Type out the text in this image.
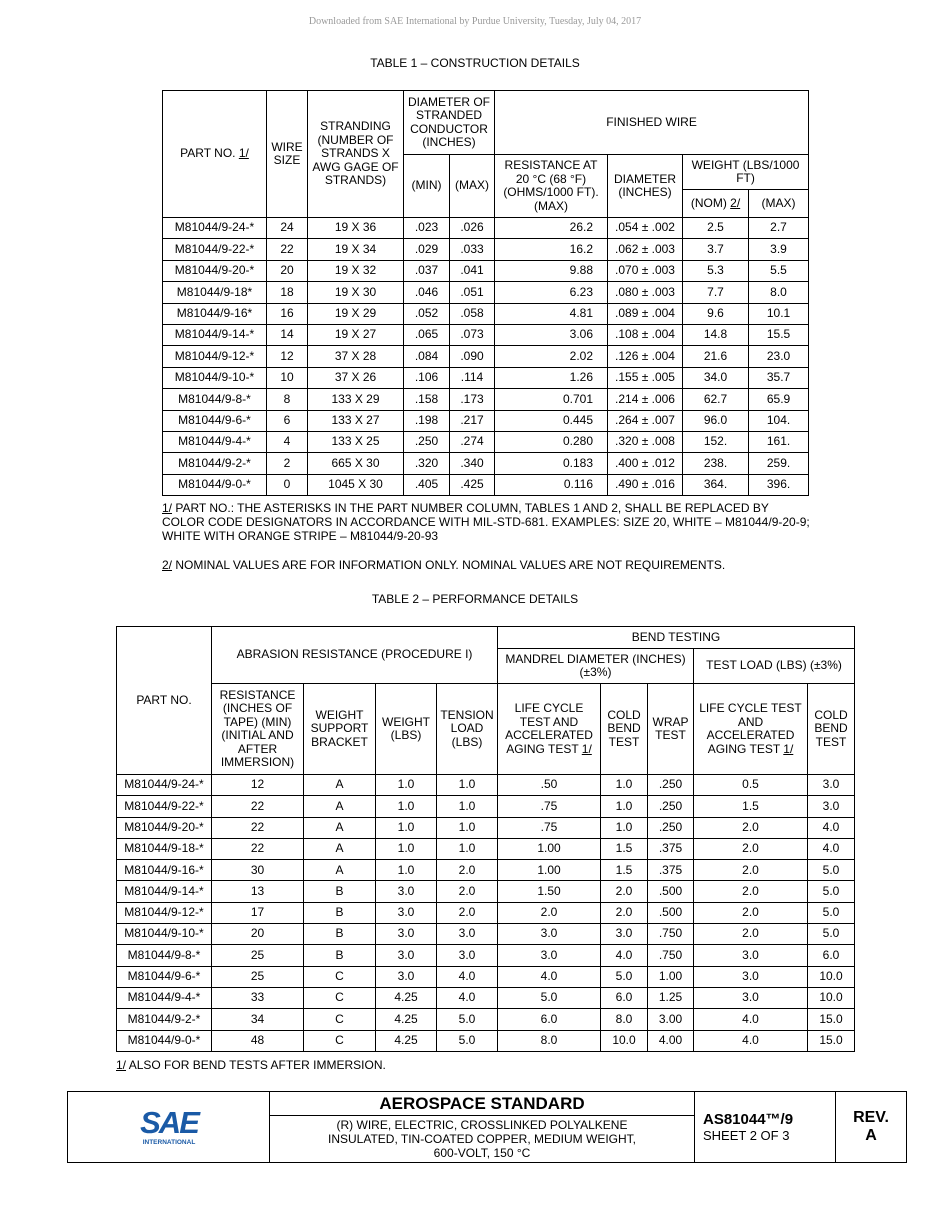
Downloaded from SAE International by Purdue University, Tuesday, July 04, 2017
TABLE 1 – CONSTRUCTION DETAILS
PART NO. 1/	WIRE SIZE	STRANDING (NUMBER OF STRANDS X AWG GAGE OF STRANDS)	DIAMETER OF STRANDED CONDUCTOR (INCHES)		FINISHED WIRE			
			(MIN)	(MAX)	RESISTANCE AT 20 °C (68 °F) (OHMS/1000 FT). (MAX)	DIAMETER (INCHES)	WEIGHT (LBS/1000 FT)	
							(NOM) 2/	(MAX)
M81044/9-24-*	24	19 X 36	.023	.026	26.2	.054 ± .002	2.5	2.7
M81044/9-22-*	22	19 X 34	.029	.033	16.2	.062 ± .003	3.7	3.9
M81044/9-20-*	20	19 X 32	.037	.041	9.88	.070 ± .003	5.3	5.5
M81044/9-18*	18	19 X 30	.046	.051	6.23	.080 ± .003	7.7	8.0
M81044/9-16*	16	19 X 29	.052	.058	4.81	.089 ± .004	9.6	10.1
M81044/9-14-*	14	19 X 27	.065	.073	3.06	.108 ± .004	14.8	15.5
M81044/9-12-*	12	37 X 28	.084	.090	2.02	.126 ± .004	21.6	23.0
M81044/9-10-*	10	37 X 26	.106	.114	1.26	.155 ± .005	34.0	35.7
M81044/9-8-*	8	133 X 29	.158	.173	0.701	.214 ± .006	62.7	65.9
M81044/9-6-*	6	133 X 27	.198	.217	0.445	.264 ± .007	96.0	104.
M81044/9-4-*	4	133 X 25	.250	.274	0.280	.320 ± .008	152.	161.
M81044/9-2-*	2	665 X 30	.320	.340	0.183	.400 ± .012	238.	259.
M81044/9-0-*	0	1045 X 30	.405	.425	0.116	.490 ± .016	364.	396.
1/ PART NO.: THE ASTERISKS IN THE PART NUMBER COLUMN, TABLES 1 AND 2, SHALL BE REPLACED BY COLOR CODE DESIGNATORS IN ACCORDANCE WITH MIL-STD-681. EXAMPLES: SIZE 20, WHITE – M81044/9-20-9; WHITE WITH ORANGE STRIPE – M81044/9-20-93
2/ NOMINAL VALUES ARE FOR INFORMATION ONLY. NOMINAL VALUES ARE NOT REQUIREMENTS.
TABLE 2 – PERFORMANCE DETAILS
PART NO.	ABRASION RESISTANCE (PROCEDURE I)				BEND TESTING				
					MANDREL DIAMETER (INCHES) (±3%)			TEST LOAD (LBS) (±3%)	
	RESISTANCE (INCHES OF TAPE) (MIN) (INITIAL AND AFTER IMMERSION)	WEIGHT SUPPORT BRACKET	WEIGHT (LBS)	TENSION LOAD (LBS)	LIFE CYCLE TEST AND ACCELERATED AGING TEST 1/	COLD BEND TEST	WRAP TEST	LIFE CYCLE TEST AND ACCELERATED AGING TEST 1/	COLD BEND TEST
M81044/9-24-*	12	A	1.0	1.0	.50	1.0	.250	0.5	3.0
M81044/9-22-*	22	A	1.0	1.0	.75	1.0	.250	1.5	3.0
M81044/9-20-*	22	A	1.0	1.0	.75	1.0	.250	2.0	4.0
M81044/9-18-*	22	A	1.0	1.0	1.00	1.5	.375	2.0	4.0
M81044/9-16-*	30	A	1.0	2.0	1.00	1.5	.375	2.0	5.0
M81044/9-14-*	13	B	3.0	2.0	1.50	2.0	.500	2.0	5.0
M81044/9-12-*	17	B	3.0	2.0	2.0	2.0	.500	2.0	5.0
M81044/9-10-*	20	B	3.0	3.0	3.0	3.0	.750	2.0	5.0
M81044/9-8-*	25	B	3.0	3.0	3.0	4.0	.750	3.0	6.0
M81044/9-6-*	25	C	3.0	4.0	4.0	5.0	1.00	3.0	10.0
M81044/9-4-*	33	C	4.25	4.0	5.0	6.0	1.25	3.0	10.0
M81044/9-2-*	34	C	4.25	5.0	6.0	8.0	3.00	4.0	15.0
M81044/9-0-*	48	C	4.25	5.0	8.0	10.0	4.00	4.0	15.0
1/ ALSO FOR BEND TESTS AFTER IMMERSION.
SAE
INTERNATIONAL
	AEROSPACE STANDARD	
AS81044™/9
SHEET 2 OF 3
	REV.
A

(R) WIRE, ELECTRIC, CROSSLINKED POLYALKENE INSULATED, TIN-COATED COPPER, MEDIUM WEIGHT, 600-VOLT, 150 °C
